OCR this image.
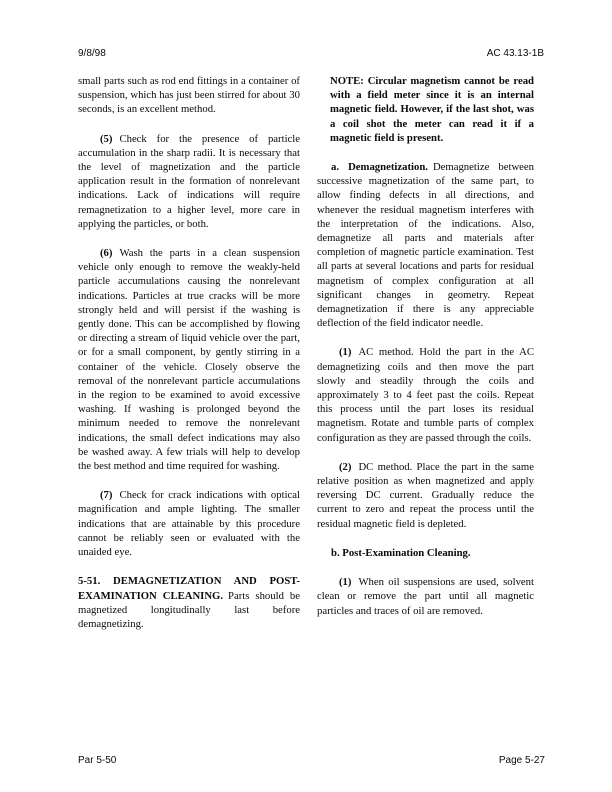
9/8/98	AC 43.13-1B

small parts such as rod end fittings in a container of suspension, which has just been stirred for about 30 seconds, is an excellent method.

(5) Check for the presence of particle accumulation in the sharp radii. It is necessary that the level of magnetization and the particle application result in the formation of nonrelevant indications. Lack of indications will require remagnetization to a higher level, more care in applying the particles, or both.

(6) Wash the parts in a clean suspension vehicle only enough to remove the weakly-held particle accumulations causing the nonrelevant indications. Particles at true cracks will be more strongly held and will persist if the washing is gently done. This can be accomplished by flowing or directing a stream of liquid vehicle over the part, or for a small component, by gently stirring in a container of the vehicle. Closely observe the removal of the nonrelevant particle accumulations in the region to be examined to avoid excessive washing. If washing is prolonged beyond the minimum needed to remove the nonrelevant indications, the small defect indications may also be washed away. A few trials will help to develop the best method and time required for washing.

(7) Check for crack indications with optical magnification and ample lighting. The smaller indications that are attainable by this procedure cannot be reliably seen or evaluated with the unaided eye.

5-51. DEMAGNETIZATION AND POST-EXAMINATION CLEANING. Parts should be magnetized longitudinally last before demagnetizing.

NOTE: Circular magnetism cannot be read with a field meter since it is an internal magnetic field. However, if the last shot, was a coil shot the meter can read it if a magnetic field is present.

a. Demagnetization. Demagnetize between successive magnetization of the same part, to allow finding defects in all directions, and whenever the residual magnetism interferes with the interpretation of the indications. Also, demagnetize all parts and materials after completion of magnetic particle examination. Test all parts at several locations and parts for residual magnetism of complex configuration at all significant changes in geometry. Repeat demagnetization if there is any appreciable deflection of the field indicator needle.

(1) AC method. Hold the part in the AC demagnetizing coils and then move the part slowly and steadily through the coils and approximately 3 to 4 feet past the coils. Repeat this process until the part loses its residual magnetism. Rotate and tumble parts of complex configuration as they are passed through the coils.

(2) DC method. Place the part in the same relative position as when magnetized and apply reversing DC current. Gradually reduce the current to zero and repeat the process until the residual magnetic field is depleted.

b. Post-Examination Cleaning.

(1) When oil suspensions are used, solvent clean or remove the part until all magnetic particles and traces of oil are removed.

Par 5-50	Page 5-27
